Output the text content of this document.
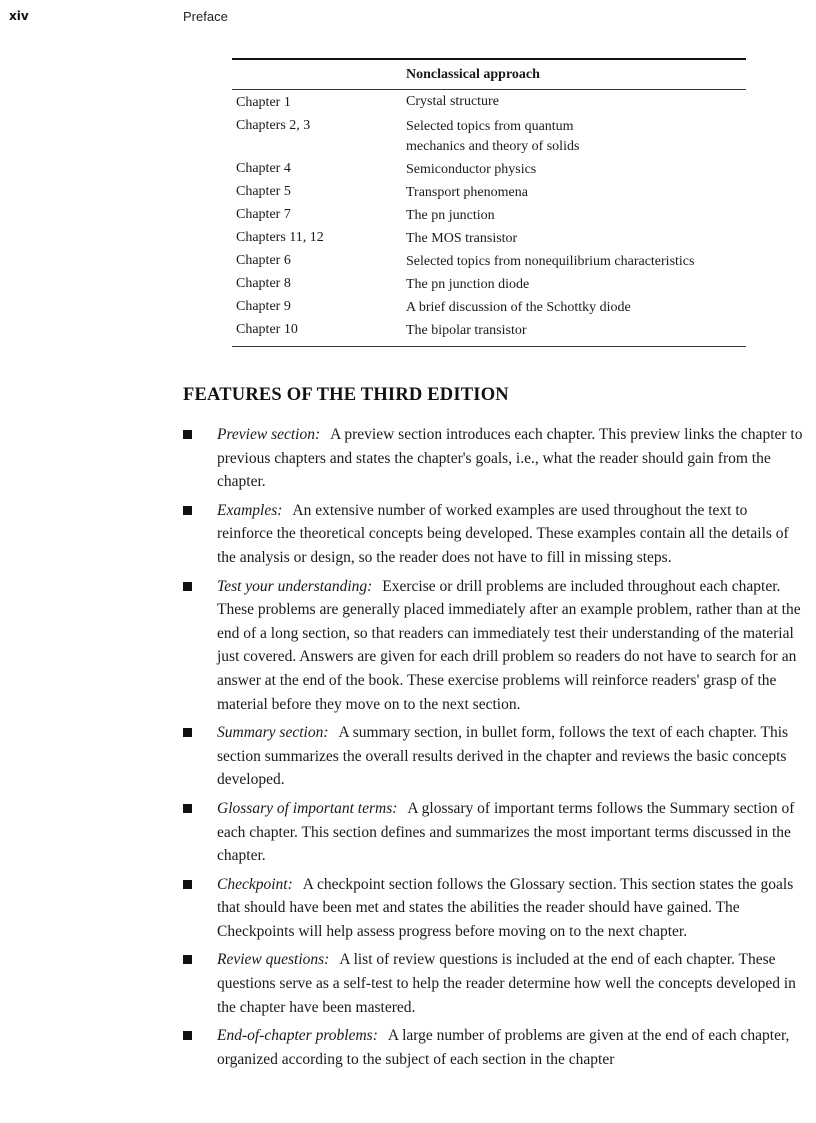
xiv	Preface
	Nonclassical approach
Chapter 1	Crystal structure
Chapters 2, 3	Selected topics from quantum mechanics and theory of solids
Chapter 4	Semiconductor physics
Chapter 5	Transport phenomena
Chapter 7	The pn junction
Chapters 11, 12	The MOS transistor
Chapter 6	Selected topics from nonequilibrium characteristics
Chapter 8	The pn junction diode
Chapter 9	A brief discussion of the Schottky diode
Chapter 10	The bipolar transistor
FEATURES OF THE THIRD EDITION
Preview section: A preview section introduces each chapter. This preview links the chapter to previous chapters and states the chapter's goals, i.e., what the reader should gain from the chapter.
Examples: An extensive number of worked examples are used throughout the text to reinforce the theoretical concepts being developed. These examples contain all the details of the analysis or design, so the reader does not have to fill in missing steps.
Test your understanding: Exercise or drill problems are included throughout each chapter. These problems are generally placed immediately after an example problem, rather than at the end of a long section, so that readers can immediately test their understanding of the material just covered. Answers are given for each drill problem so readers do not have to search for an answer at the end of the book. These exercise problems will reinforce readers' grasp of the material before they move on to the next section.
Summary section: A summary section, in bullet form, follows the text of each chapter. This section summarizes the overall results derived in the chapter and reviews the basic concepts developed.
Glossary of important terms: A glossary of important terms follows the Summary section of each chapter. This section defines and summarizes the most important terms discussed in the chapter.
Checkpoint: A checkpoint section follows the Glossary section. This section states the goals that should have been met and states the abilities the reader should have gained. The Checkpoints will help assess progress before moving on to the next chapter.
Review questions: A list of review questions is included at the end of each chapter. These questions serve as a self-test to help the reader determine how well the concepts developed in the chapter have been mastered.
End-of-chapter problems: A large number of problems are given at the end of each chapter, organized according to the subject of each section in the chapter
